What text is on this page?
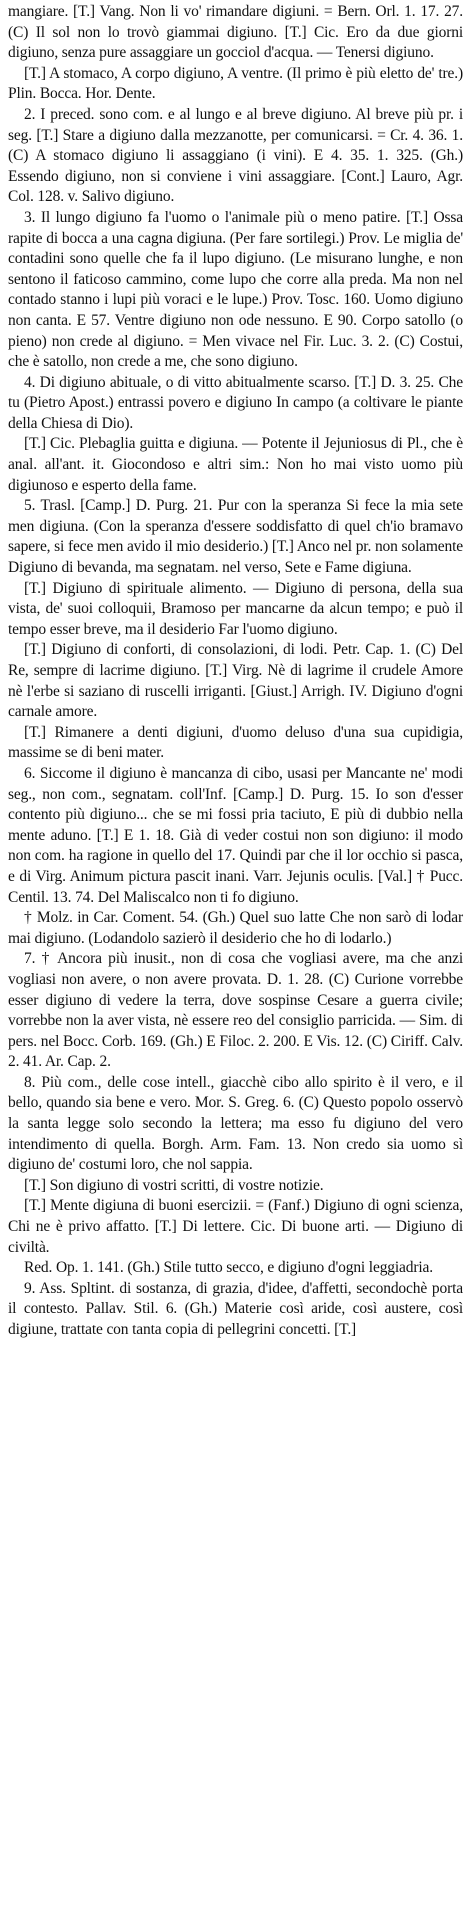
mangiare. [T.] Vang. Non li vo' rimandare digiuni. = Bern. Orl. 1. 17. 27. (C) Il sol non lo trovò giammai digiuno. [T.] Cic. Ero da due giorni digiuno, senza pure assaggiare un gocciol d'acqua. — Tenersi digiuno.

[T.] A stomaco, A corpo digiuno, A ventre. (Il primo è più eletto de' tre.) Plin. Bocca. Hor. Dente.

2. I preced. sono com. e al lungo e al breve digiuno. Al breve più pr. i seg. [T.] Stare a digiuno dalla mezzanotte, per comunicarsi. = Cr. 4. 36. 1. (C) A stomaco digiuno li assaggiano (i vini). E 4. 35. 1. 325. (Gh.) Essendo digiuno, non si conviene i vini assaggiare. [Cont.] Lauro, Agr. Col. 128. v. Salivo digiuno.

3. Il lungo digiuno fa l'uomo o l'animale più o meno patire. [T.] Ossa rapite di bocca a una cagna digiuna. (Per fare sortilegi.) Prov. Le miglia de' contadini sono quelle che fa il lupo digiuno. (Le misurano lunghe, e non sentono il faticoso cammino, come lupo che corre alla preda. Ma non nel contado stanno i lupi più voraci e le lupe.) Prov. Tosc. 160. Uomo digiuno non canta. E 57. Ventre digiuno non ode nessuno. E 90. Corpo satollo (o pieno) non crede al digiuno. = Men vivace nel Fir. Luc. 3. 2. (C) Costui, che è satollo, non crede a me, che sono digiuno.

4. Di digiuno abituale, o di vitto abitualmente scarso. [T.] D. 3. 25. Che tu (Pietro Apost.) entrassi povero e digiuno In campo (a coltivare le piante della Chiesa di Dio).

[T.] Cic. Plebaglia guitta e digiuna. — Potente il Jejuniosus di Pl., che è anal. all'ant. it. Giocondoso e altri sim.: Non ho mai visto uomo più digiunoso e esperto della fame.

5. Trasl. [Camp.] D. Purg. 21. Pur con la speranza Si fece la mia sete men digiuna. (Con la speranza d'essere soddisfatto di quel ch'io bramavo sapere, si fece men avido il mio desiderio.) [T.] Anco nel pr. non solamente Digiuno di bevanda, ma segnatam. nel verso, Sete e Fame digiuna.

[T.] Digiuno di spirituale alimento. — Digiuno di persona, della sua vista, de' suoi colloquii, Bramoso per mancarne da alcun tempo; e può il tempo esser breve, ma il desiderio Far l'uomo digiuno.

[T.] Digiuno di conforti, di consolazioni, di lodi. Petr. Cap. 1. (C) Del Re, sempre di lacrime digiuno. [T.] Virg. Nè di lagrime il crudele Amore nè l'erbe si saziano di ruscelli irriganti. [Giust.] Arrigh. IV. Digiuno d'ogni carnale amore.

[T.] Rimanere a denti digiuni, d'uomo deluso d'una sua cupidigia, massime se di beni mater.

6. Siccome il digiuno è mancanza di cibo, usasi per Mancante ne' modi seg., non com., segnatam. coll'Inf. [Camp.] D. Purg. 15. Io son d'esser contento più digiuno... che se mi fossi pria taciuto, E più di dubbio nella mente aduno. [T.] E 1. 18. Già di veder costui non son digiuno: il modo non com. ha ragione in quello del 17. Quindi par che il lor occhio si pasca, e di Virg. Animum pictura pascit inani. Varr. Jejunis oculis. [Val.] † Pucc. Centil. 13. 74. Del Maliscalco non ti fo digiuno.

† Molz. in Car. Coment. 54. (Gh.) Quel suo latte Che non sarò di lodar mai digiuno. (Lodandolo sazierò il desiderio che ho di lodarlo.)

7. † Ancora più inusit., non di cosa che vogliasi avere, ma che anzi vogliasi non avere, o non avere provata. D. 1. 28. (C) Curione vorrebbe esser digiuno di vedere la terra, dove sospinse Cesare a guerra civile; vorrebbe non la aver vista, nè essere reo del consiglio parricida. — Sim. di pers. nel Bocc. Corb. 169. (Gh.) E Filoc. 2. 200. E Vis. 12. (C) Ciriff. Calv. 2. 41. Ar. Cap. 2.

8. Più com., delle cose intell., giacchè cibo allo spirito è il vero, e il bello, quando sia bene e vero. Mor. S. Greg. 6. (C) Questo popolo osservò la santa legge solo secondo la lettera; ma esso fu digiuno del vero intendimento di quella. Borgh. Arm. Fam. 13. Non credo sia uomo sì digiuno de' costumi loro, che nol sappia.

[T.] Son digiuno di vostri scritti, di vostre notizie.

[T.] Mente digiuna di buoni esercizii. = (Fanf.) Digiuno di ogni scienza, Chi ne è privo affatto. [T.] Di lettere. Cic. Di buone arti. — Digiuno di civiltà.

Red. Op. 1. 141. (Gh.) Stile tutto secco, e digiuno d'ogni leggiadria.

9. Ass. Spltint. di sostanza, di grazia, d'idee, d'affetti, secondochè porta il contesto. Pallav. Stil. 6. (Gh.) Materie così aride, così austere, così digiune, trattate con tanta copia di pellegrini concetti. [T.]
